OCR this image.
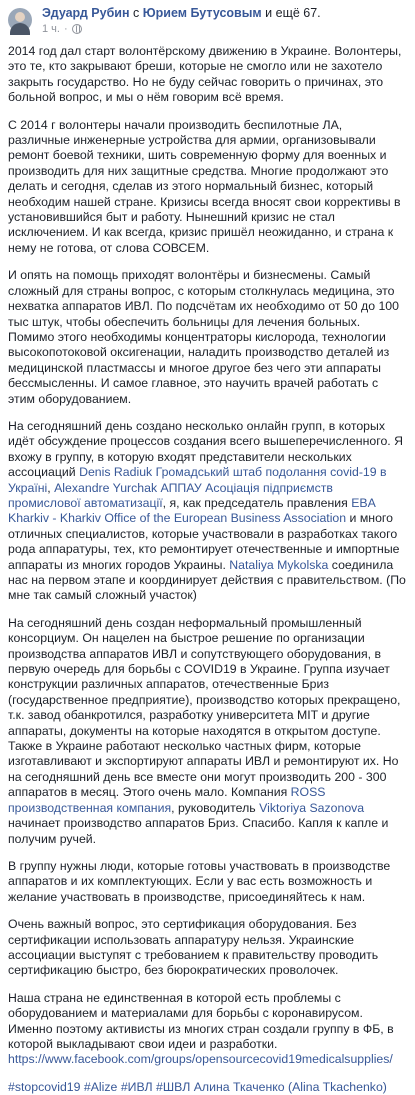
Эдуард Рубин с Юрием Бутусовым и ещё 67.
1 ч. ·

2014 год дал старт волонтёрскому движению в Украине. Волонтеры, это те, кто закрывают бреши, которые не смогло или не захотело закрыть государство. Но не буду сейчас говорить о причинах, это больной вопрос, и мы о нём говорим всё время.

С 2014 г волонтеры начали производить беспилотные ЛА, различные инженерные устройства для армии, организовывали ремонт боевой техники, шить современную форму для военных и производить для них защитные средства. Многие продолжают это делать и сегодня, сделав из этого нормальный бизнес, который необходим нашей стране. Кризисы всегда вносят свои коррективы в установившийся быт и работу. Нынешний кризис не стал исключением. И как всегда, кризис пришёл неожиданно, и страна к нему не готова, от слова СОВСЕМ.

И опять на помощь приходят волонтёры и бизнесмены. Самый сложный для страны вопрос, с которым столкнулась медицина, это нехватка аппаратов ИВЛ. По подсчётам их необходимо от 50 до 100 тыс штук, чтобы обеспечить больницы для лечения больных. Помимо этого необходимы концентраторы кислорода, технологии высокопотоковой оксигенации, наладить производство деталей из медицинской пластмассы и многое другое без чего эти аппараты бессмысленны. И самое главное, это научить врачей работать с этим оборудованием.

На сегодняшний день создано несколько онлайн групп, в которых идёт обсуждение процессов создания всего вышеперечисленного. Я вхожу в группу, в которую входят представители нескольких ассоциаций Denis Radiuk Громадський штаб подолання covid-19 в Україні, Alexandre Yurchak АППАУ Асоціація підприємств промислової автоматизації, я, как председатель правления EBA Kharkiv - Kharkiv Office of the European Business Association и много отличных специалистов, которые участвовали в разработках такого рода аппаратуры, тех, кто ремонтирует отечественные и импортные аппараты из многих городов Украины. Nataliya Mykolska соединила нас на первом этапе и координирует действия с правительством. (По мне так самый сложный участок)

На сегодняшний день создан неформальный промышленный консорциум. Он нацелен на быстрое решение по организации производства аппаратов ИВЛ и сопутствующего оборудования, в первую очередь для борьбы с COVID19 в Украине. Группа изучает конструкции различных аппаратов, отечественные Бриз (государственное предприятие), производство которых прекращено, т.к. завод обанкротился, разработку университета MIT и другие аппараты, документы на которые находятся в открытом доступе. Также в Украине работают несколько частных фирм, которые изготавливают и экспортируют аппараты ИВЛ и ремонтируют их. Но на сегодняшний день все вместе они могут производить 200 - 300 аппаратов в месяц. Этого очень мало. Компания ROSS производственная компания, руководитель Viktoriya Sazonova начинает производство аппаратов Бриз. Спасибо. Капля к капле и получим ручей.

В группу нужны люди, которые готовы участвовать в производстве аппаратов и их комплектующих. Если у вас есть возможность и желание участвовать в производстве, присоединяйтесь к нам.

Очень важный вопрос, это сертификация оборудования. Без сертификации использовать аппаратуру нельзя. Украинские ассоциации выступят с требованием к правительству проводить сертификацию быстро, без бюрократических проволочек.

Наша страна не единственная в которой есть проблемы с оборудованием и материалами для борьбы с коронавирусом. Именно поэтому активисты из многих стран создали группу в ФБ, в которой выкладывают свои идеи и разработки. https://www.facebook.com/groups/opensourcecovid19medicalsupplies/

#stopcovid19 #Alize #ИВЛ #ШВЛ Алина Ткаченко (Alina Tkachenko)
